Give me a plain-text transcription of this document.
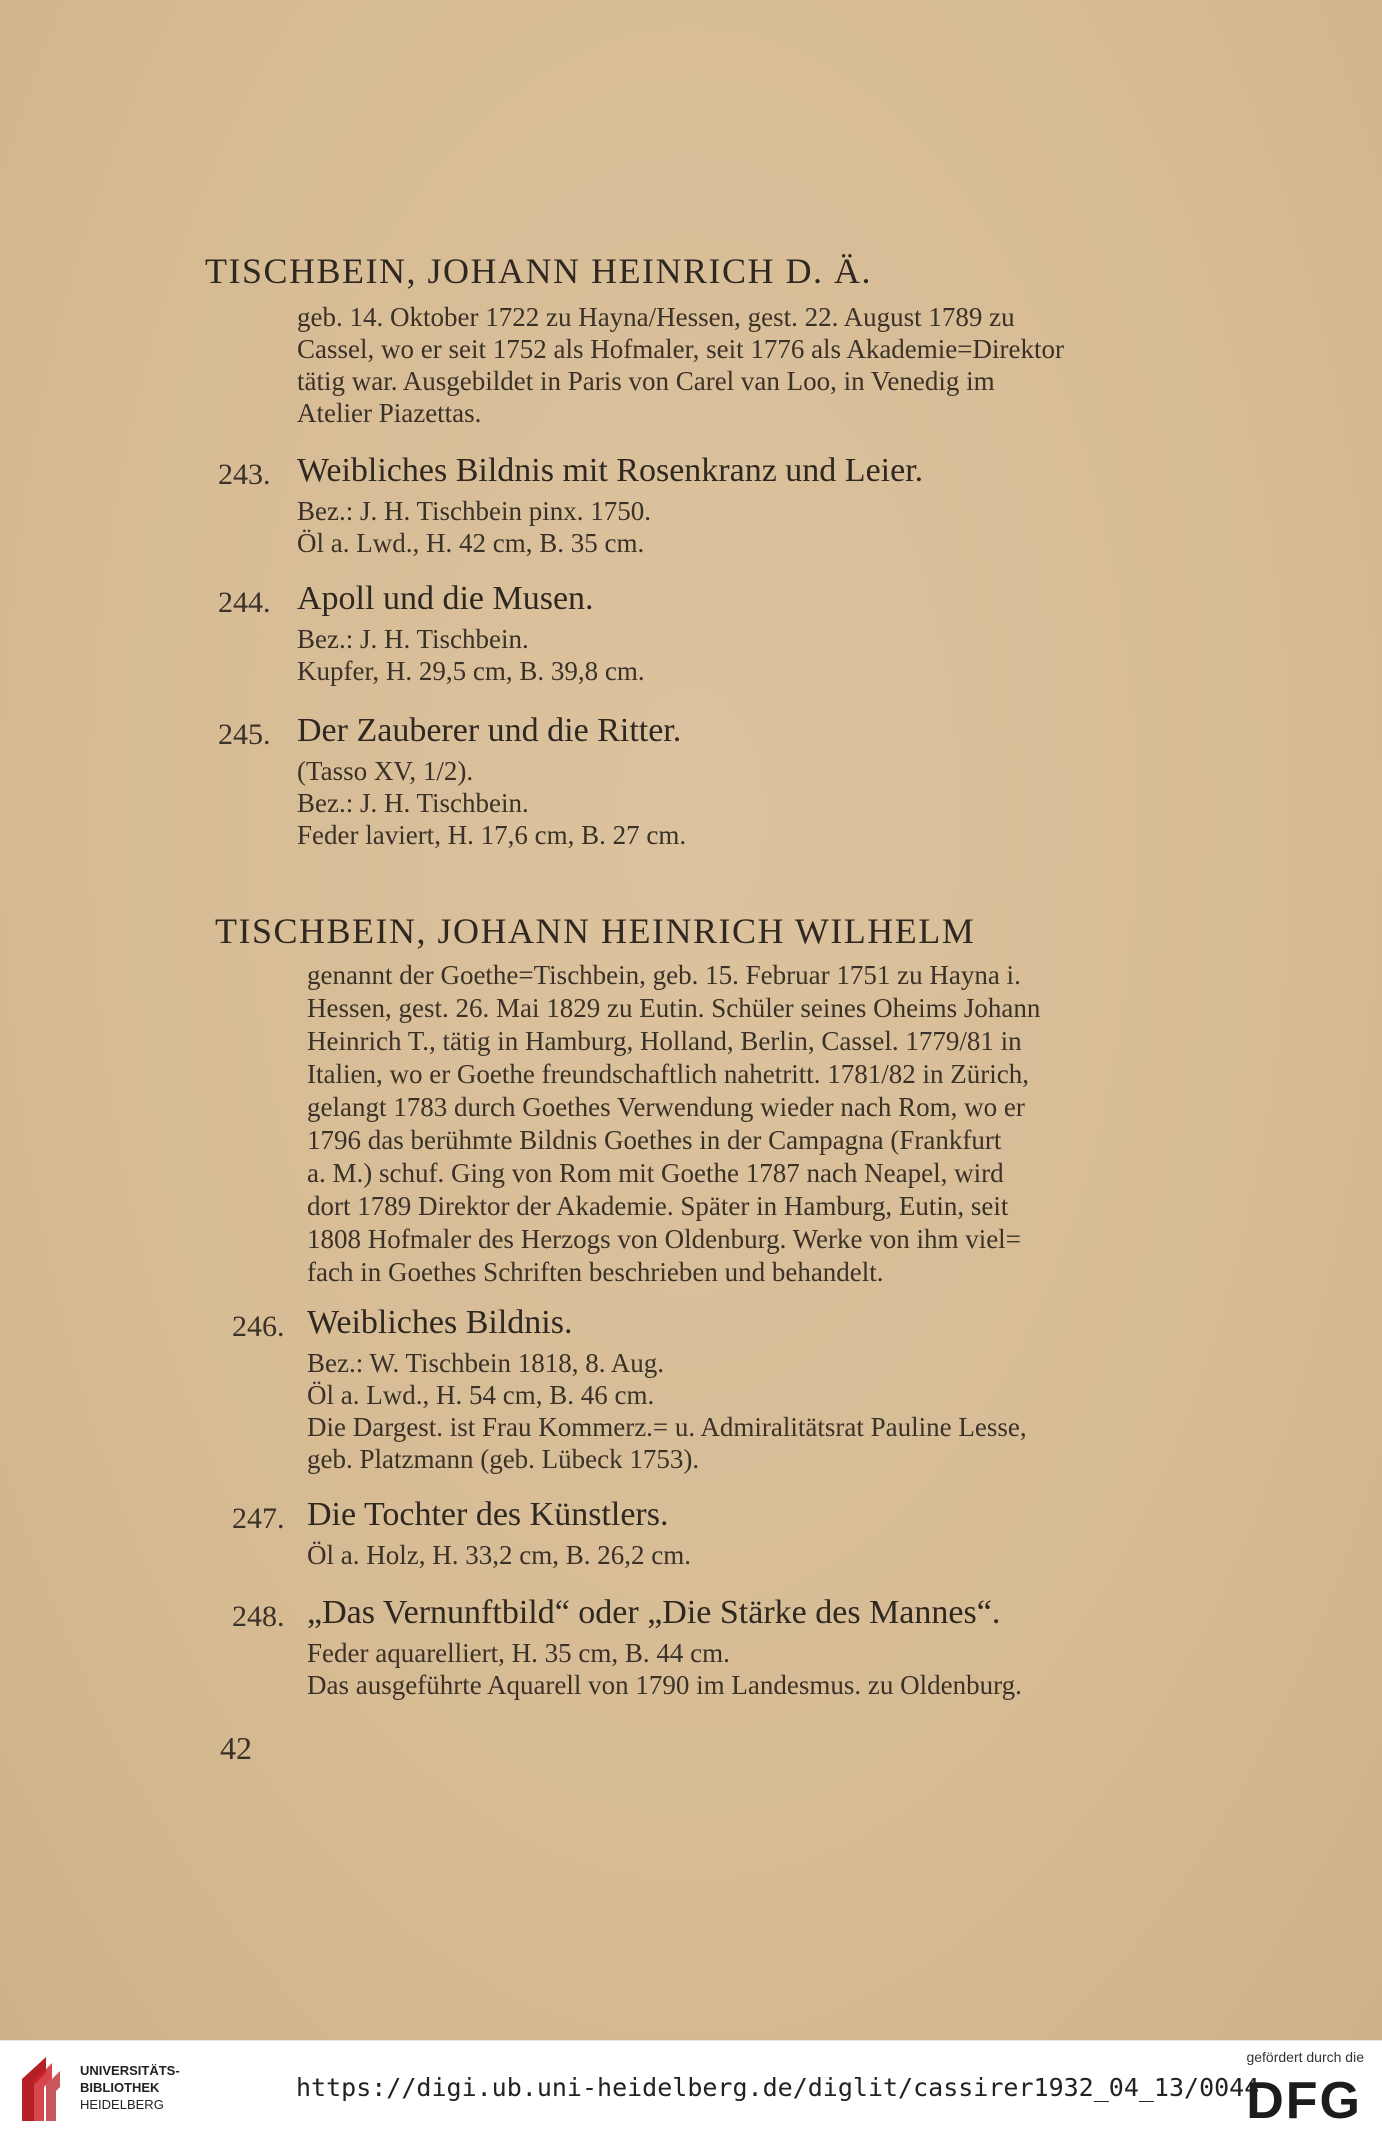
TISCHBEIN, JOHANN HEINRICH D. Ä.

geb. 14. Oktober 1722 zu Hayna/Hessen, gest. 22. August 1789 zu

Cassel, wo er seit 1752 als Hofmaler, seit 1776 als Akademie=Direktor

tätig war. Ausgebildet in Paris von Carel van Loo, in Venedig im

Atelier Piazettas.

243. Weibliches Bildnis mit Rosenkranz und Leier.
Bez.: J. H. Tischbein pinx. 1750.
Öl a. Lwd., H. 42 cm, B. 35 cm.
244. Apoll und die Musen.
Bez.: J. H. Tischbein.
Kupfer, H. 29,5 cm, B. 39,8 cm.
245. Der Zauberer und die Ritter.
(Tasso XV, 1/2).
Bez.: J. H. Tischbein.
Feder laviert, H. 17,6 cm, B. 27 cm.
TISCHBEIN, JOHANN HEINRICH WILHELM

genannt der Goethe=Tischbein, geb. 15. Februar 1751 zu Hayna i.

Hessen, gest. 26. Mai 1829 zu Eutin. Schüler seines Oheims Johann

Heinrich T., tätig in Hamburg, Holland, Berlin, Cassel. 1779/81 in

Italien, wo er Goethe freundschaftlich nahetritt. 1781/82 in Zürich,

gelangt 1783 durch Goethes Verwendung wieder nach Rom, wo er

1796 das berühmte Bildnis Goethes in der Campagna (Frankfurt

a. M.) schuf. Ging von Rom mit Goethe 1787 nach Neapel, wird

dort 1789 Direktor der Akademie. Später in Hamburg, Eutin, seit

1808 Hofmaler des Herzogs von Oldenburg. Werke von ihm viel=

fach in Goethes Schriften beschrieben und behandelt.

246. Weibliches Bildnis.
Bez.: W. Tischbein 1818, 8. Aug.
Öl a. Lwd., H. 54 cm, B. 46 cm.
Die Dargest. ist Frau Kommerz.= u. Admiralitätsrat Pauline Lesse,
geb. Platzmann (geb. Lübeck 1753).
247. Die Tochter des Künstlers.
Öl a. Holz, H. 33,2 cm, B. 26,2 cm.
248. „Das Vernunftbild“ oder „Die Stärke des Mannes“.
Feder aquarelliert, H. 35 cm, B. 44 cm.
Das ausgeführte Aquarell von 1790 im Landesmus. zu Oldenburg.
42
UNIVERSITÄTS-
BIBLIOTHEK
HEIDELBERG
https://digi.ub.uni-heidelberg.de/diglit/cassirer1932_04_13/0044
gefördert durch die
DFG
